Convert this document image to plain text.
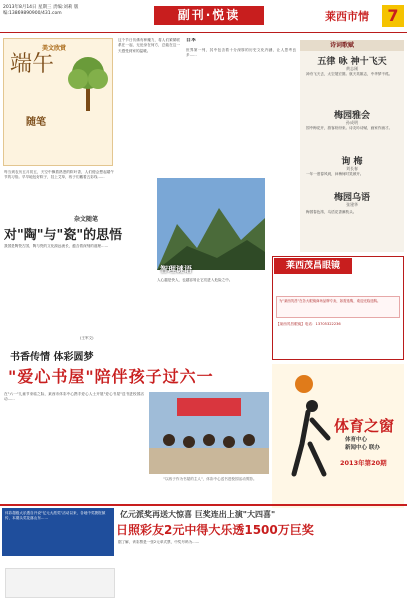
2013年8月14日 星期三 责编:刘莉 版编:13869890900/431.com	副刊·悦读	莱西市情	7
美文欣赏
端午
随笔
每当到农历五月初五，天空中飘着熟悉的粽叶香，人们便会想起端午节的习俗。早早地包好粽子，挂上艾草，孩子们戴着五彩线……
这个节日仿佛有种魔力，将人们紧紧联系在一起，无论身在何方，总能在这一天感受到家的温暖。
杂文随笔
对"陶"与"瓷"的思悟
我国是陶瓷古国，陶与瓷的文化源远流长，蕴含着深刻的道理……
(王军文)
日本
世界第一列，其中包含着十分深厚的历史文化内涵，让人思考良多……
智理谜语
人心越是快人，也越容易让它们进入危险之中。
诗词歌赋
五律 咏 神十飞天
黄志刚
神舟飞天去，太空展宏图。航天英雄志，中华梦不孤。
梅园雅会
孙成明
园中梅花开，游客纷纷来。诗友吟诗赋，画家作画才。
询 梅
刘长春
一年一度春风到，问梅何时笑颜开。
梅园乌语
张建华
梅园春色浓，乌语花香满枝头。
莱西茂昌眼镜
为"莱西茂昌"在各大眼镜商场品牌专卖，如需选购，欢迎光临选购。
【莱西茂昌眼镜】电话：13705322236
书香传情 体彩圆梦
"爱心书屋"陪伴孩子过六一
在"六一"儿童节来临之际，莱西市体彩中心携手爱心人士开展"爱心书屋"送书进校园活动……
"以孩子作为书屋的主人"，体彩中心送书进校园活动剪影。
体育之窗
体育中心
新闻中心 联办
2013年第20期
体彩超级大乐透自开设"亿元大派奖"活动以来，各地中奖捷报频传，本期头奖花落山东……	亿元派奖再送大惊喜 巨奖连出上演"大四喜"
日照彩友2元中得大乐透1500万巨奖
据了解，该彩票是一张2元单式票，中奖号码为……
